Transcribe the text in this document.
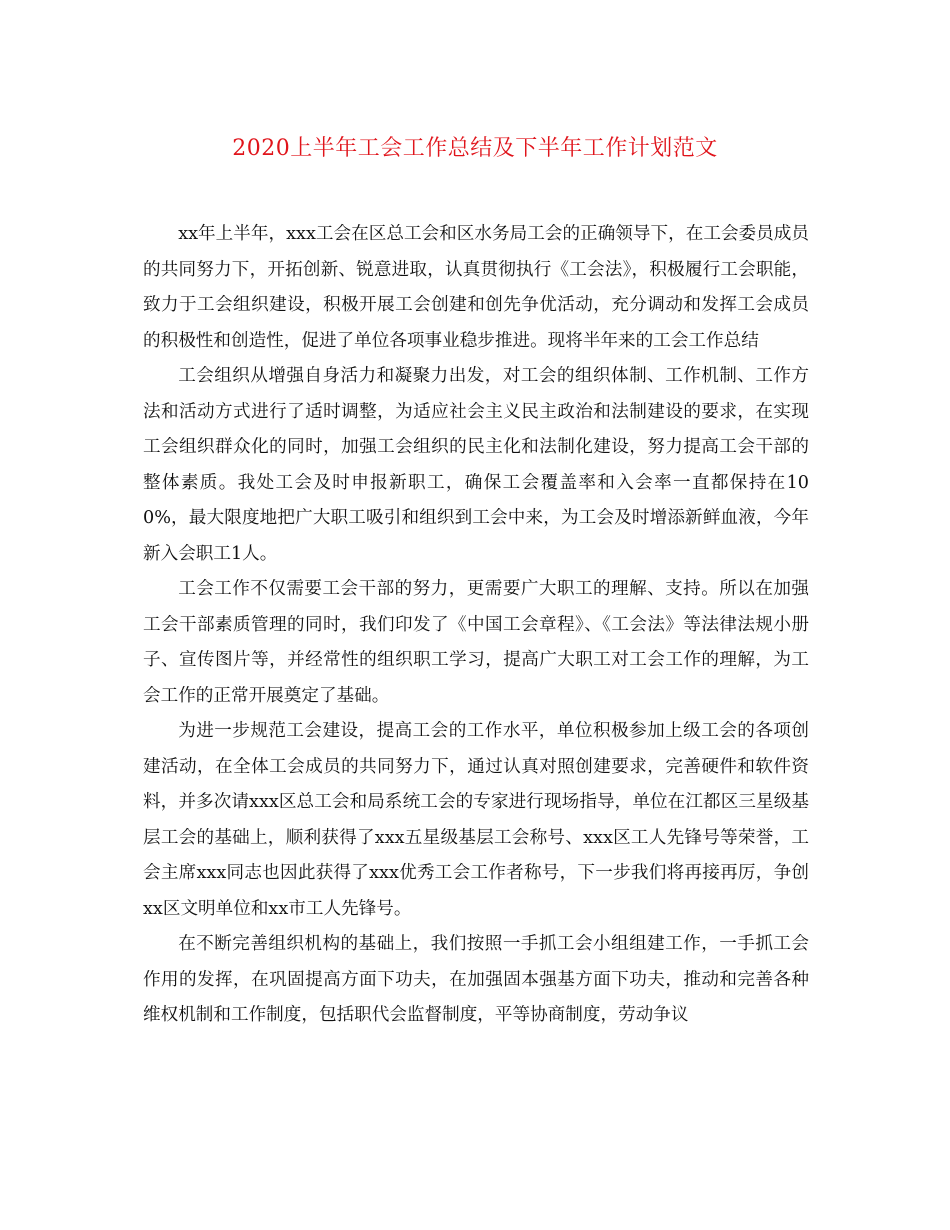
2020上半年工会工作总结及下半年工作计划范文

xx年上半年，xxx工会在区总工会和区水务局工会的正确领导下，在工会委员成员的共同努力下，开拓创新、锐意进取，认真贯彻执行《工会法》，积极履行工会职能，致力于工会组织建设，积极开展工会创建和创先争优活动，充分调动和发挥工会成员的积极性和创造性，促进了单位各项事业稳步推进。现将半年来的工会工作总结

工会组织从增强自身活力和凝聚力出发，对工会的组织体制、工作机制、工作方法和活动方式进行了适时调整，为适应社会主义民主政治和法制建设的要求，在实现工会组织群众化的同时，加强工会组织的民主化和法制化建设，努力提高工会干部的整体素质。我处工会及时申报新职工，确保工会覆盖率和入会率一直都保持在100%，最大限度地把广大职工吸引和组织到工会中来，为工会及时增添新鲜血液，今年新入会职工1人。

工会工作不仅需要工会干部的努力，更需要广大职工的理解、支持。所以在加强工会干部素质管理的同时，我们印发了《中国工会章程》、《工会法》等法律法规小册子、宣传图片等，并经常性的组织职工学习，提高广大职工对工会工作的理解，为工会工作的正常开展奠定了基础。

为进一步规范工会建设，提高工会的工作水平，单位积极参加上级工会的各项创建活动，在全体工会成员的共同努力下，通过认真对照创建要求，完善硬件和软件资料，并多次请xxx区总工会和局系统工会的专家进行现场指导，单位在江都区三星级基层工会的基础上，顺利获得了xxx五星级基层工会称号、xxx区工人先锋号等荣誉，工会主席xxx同志也因此获得了xxx优秀工会工作者称号，下一步我们将再接再厉，争创xx区文明单位和xx市工人先锋号。

在不断完善组织机构的基础上，我们按照一手抓工会小组组建工作，一手抓工会作用的发挥，在巩固提高方面下功夫，在加强固本强基方面下功夫，推动和完善各种维权机制和工作制度，包括职代会监督制度，平等协商制度，劳动争议
